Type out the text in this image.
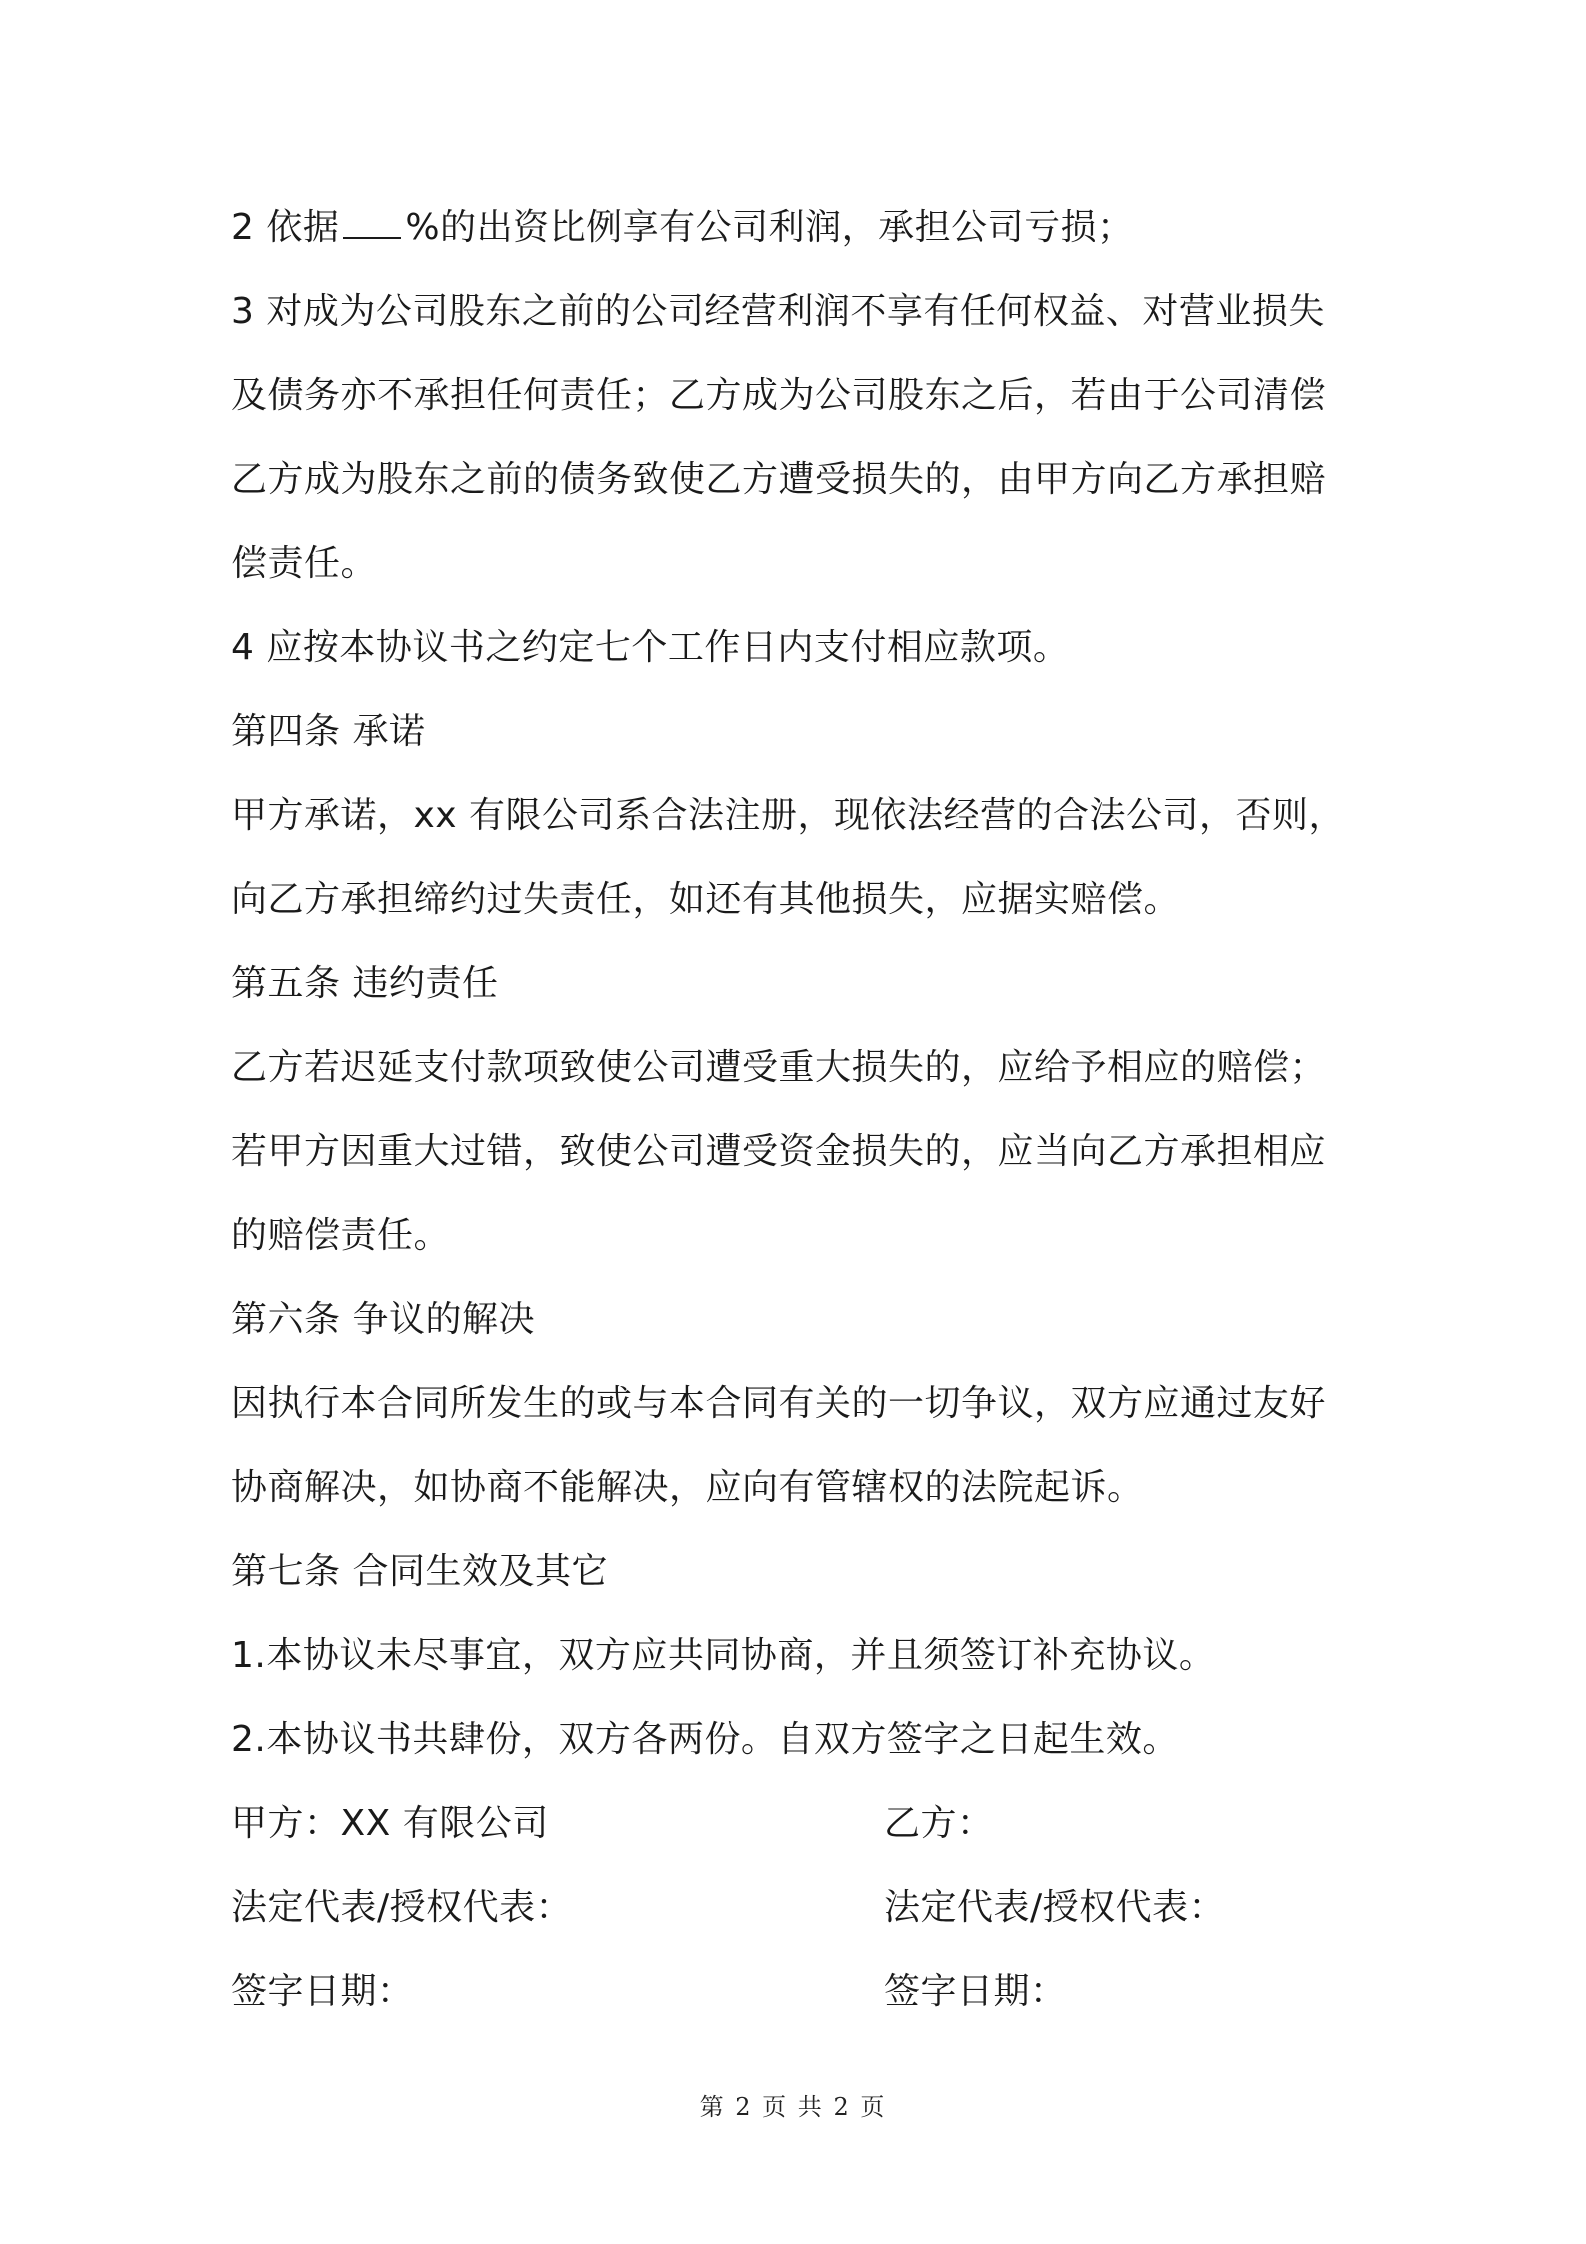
2 依据 %的出资比例享有公司利润，承担公司亏损；
3 对成为公司股东之前的公司经营利润不享有任何权益、对营业损失
及债务亦不承担任何责任；乙方成为公司股东之后，若由于公司清偿
乙方成为股东之前的债务致使乙方遭受损失的，由甲方向乙方承担赔
偿责任。
4 应按本协议书之约定七个工作日内支付相应款项。
第四条 承诺
甲方承诺，xx 有限公司系合法注册，现依法经营的合法公司，否则，
向乙方承担缔约过失责任，如还有其他损失，应据实赔偿。
第五条 违约责任
乙方若迟延支付款项致使公司遭受重大损失的，应给予相应的赔偿；
若甲方因重大过错，致使公司遭受资金损失的，应当向乙方承担相应
的赔偿责任。
第六条 争议的解决
因执行本合同所发生的或与本合同有关的一切争议，双方应通过友好
协商解决，如协商不能解决，应向有管辖权的法院起诉。
第七条 合同生效及其它
1.本协议未尽事宜，双方应共同协商，并且须签订补充协议。
2.本协议书共肆份，双方各两份。自双方签字之日起生效。
甲方：XX 有限公司	乙方：
法定代表/授权代表：	法定代表/授权代表：
签字日期：	签字日期：
第 2 页 共 2 页
